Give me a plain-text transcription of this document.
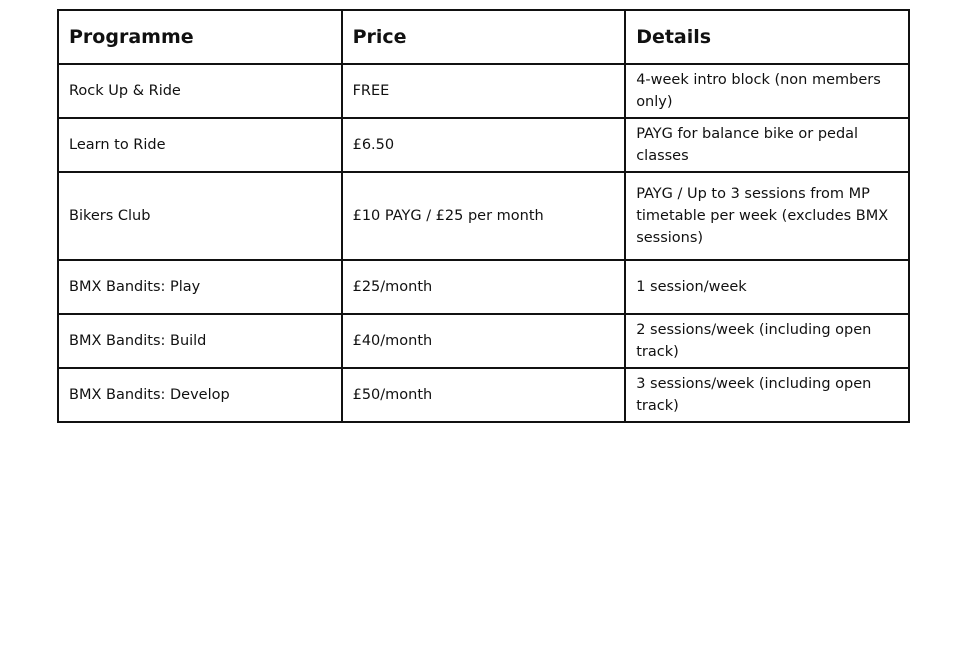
Programme	Price	Details
Rock Up & Ride	FREE	4-week intro block (non members only)
Learn to Ride	£6.50	PAYG for balance bike or pedal classes
Bikers Club	£10 PAYG / £25 per month	PAYG / Up to 3 sessions from MP timetable per week (excludes BMX sessions)
BMX Bandits: Play	£25/month	1 session/week
BMX Bandits: Build	£40/month	2 sessions/week (including open track)
BMX Bandits: Develop	£50/month	3 sessions/week (including open track)
